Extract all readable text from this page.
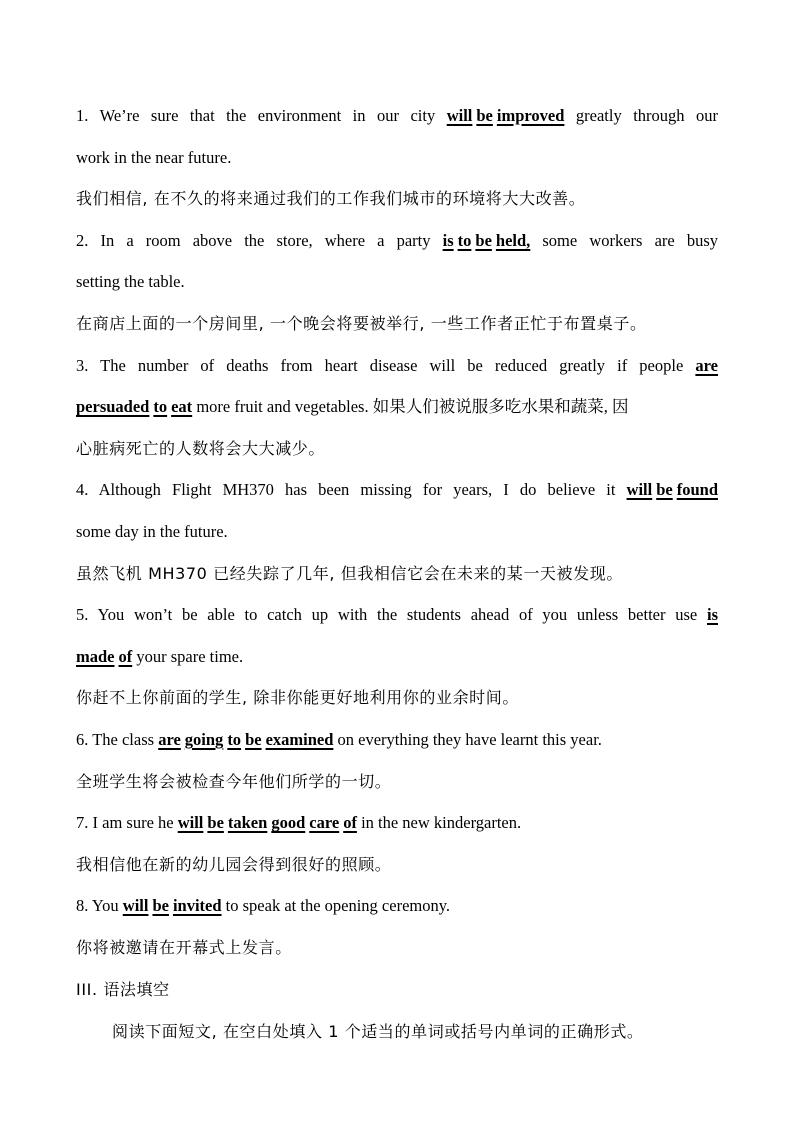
1. We’re sure that the environment in our city will be improved greatly through our
work in the near future.
我们相信, 在不久的将来通过我们的工作我们城市的环境将大大改善。
2. In a room above the store, where a party is to be held, some workers are busy
setting the table.
在商店上面的一个房间里, 一个晚会将要被举行, 一些工作者正忙于布置桌子。
3. The number of deaths from heart disease will be reduced greatly if people are
persuaded to eat more fruit and vegetables. 如果人们被说服多吃水果和蔬菜, 因
心脏病死亡的人数将会大大减少。
4. Although Flight MH370 has been missing for years, I do believe it will be found
some day in the future.
虽然飞机 MH370 已经失踪了几年, 但我相信它会在未来的某一天被发现。
5. You won’t be able to catch up with the students ahead of you unless better use is
made of your spare time.
你赶不上你前面的学生, 除非你能更好地利用你的业余时间。
6. The class are going to be examined on everything they have learnt this year.
全班学生将会被检查今年他们所学的一切。
7. I am sure he will be taken good care of in the new kindergarten.
我相信他在新的幼儿园会得到很好的照顾。
8. You will be invited to speak at the opening ceremony.
你将被邀请在开幕式上发言。
III. 语法填空
阅读下面短文, 在空白处填入 1 个适当的单词或括号内单词的正确形式。
